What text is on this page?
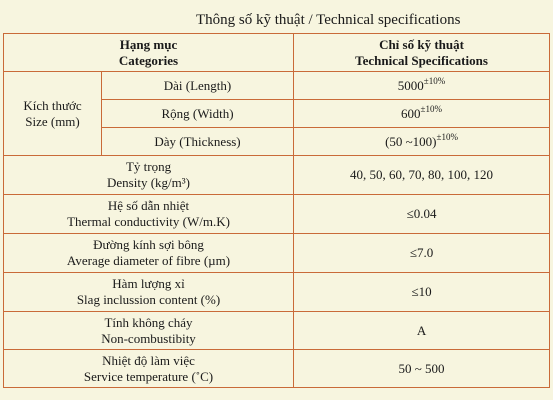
Thông số kỹ thuật / Technical specifications
Hạng mục
Categories		Chỉ số kỹ thuật
Technical Specifications

Kích thước
Size (mm)	Dài (Length)	$5000^{\pm 10\%}$
	Rộng (Width)	$600^{\pm 10\%}$
	Dày (Thickness)	(50 ~100)$^{\pm 10\%}$

Tỷ trọng
Density (kg/m³)		40, 50, 60, 70, 80, 100, 120

Hệ số dẫn nhiệt
Thermal conductivity (W/m.K)		≤0.04

Đường kính sợi bông
Average diameter of fibre (µm)		≤7.0

Hàm lượng xỉ
Slag inclussion content (%)		≤10

Tính không cháy
Non-combustibity		A

Nhiệt độ làm việc
Service temperature (˚C)		50 ~ 500
